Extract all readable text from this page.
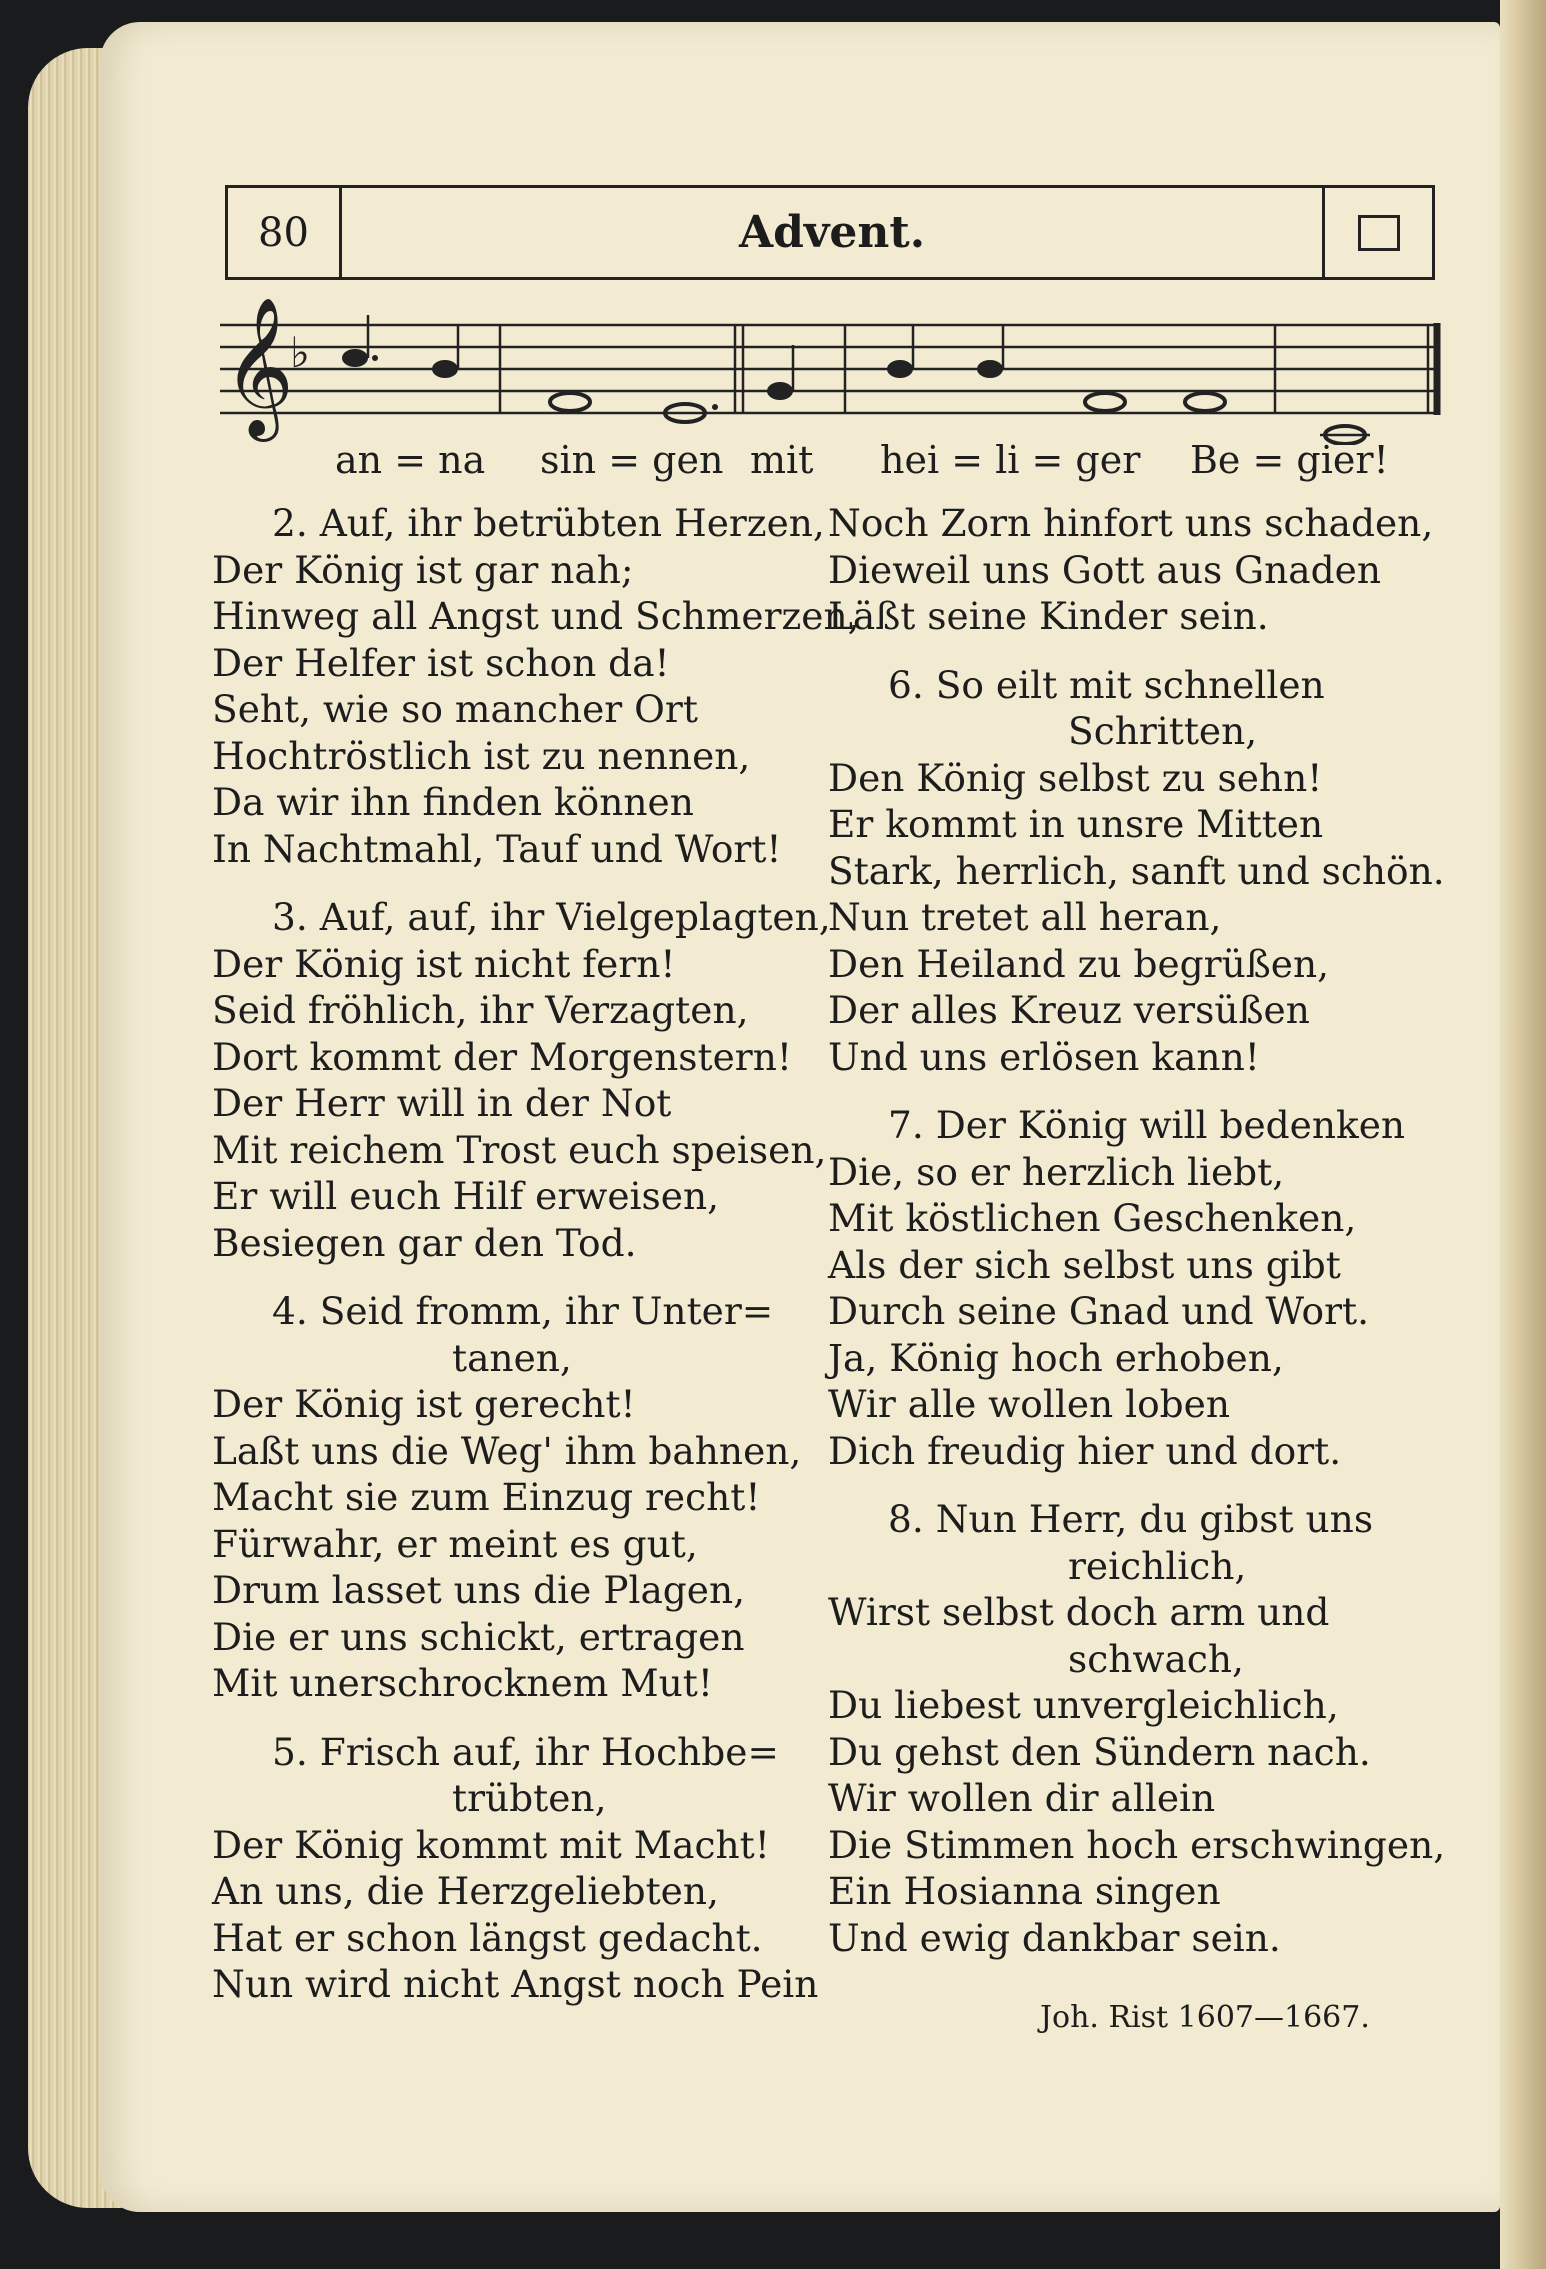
80	Advent.
𝄞
♭
an = na sin = gen mit hei = li = ger Be = gier!
2. Auf, ihr betrübten Herzen,
Der König ist gar nah;
Hinweg all Angst und Schmerzen,
Der Helfer ist schon da!
Seht, wie so mancher Ort
Hochtröstlich ist zu nennen,
Da wir ihn finden können
In Nachtmahl, Tauf und Wort!
3. Auf, auf, ihr Vielgeplagten,
Der König ist nicht fern!
Seid fröhlich, ihr Verzagten,
Dort kommt der Morgenstern!
Der Herr will in der Not
Mit reichem Trost euch speisen,
Er will euch Hilf erweisen,
Besiegen gar den Tod.
4. Seid fromm, ihr Unter=
tanen,
Der König ist gerecht!
Laßt uns die Weg' ihm bahnen,
Macht sie zum Einzug recht!
Fürwahr, er meint es gut,
Drum lasset uns die Plagen,
Die er uns schickt, ertragen
Mit unerschrocknem Mut!
5. Frisch auf, ihr Hochbe=
trübten,
Der König kommt mit Macht!
An uns, die Herzgeliebten,
Hat er schon längst gedacht.
Nun wird nicht Angst noch Pein
Noch Zorn hinfort uns schaden,
Dieweil uns Gott aus Gnaden
Läßt seine Kinder sein.
6. So eilt mit schnellen
Schritten,
Den König selbst zu sehn!
Er kommt in unsre Mitten
Stark, herrlich, sanft und schön.
Nun tretet all heran,
Den Heiland zu begrüßen,
Der alles Kreuz versüßen
Und uns erlösen kann!
7. Der König will bedenken
Die, so er herzlich liebt,
Mit köstlichen Geschenken,
Als der sich selbst uns gibt
Durch seine Gnad und Wort.
Ja, König hoch erhoben,
Wir alle wollen loben
Dich freudig hier und dort.
8. Nun Herr, du gibst uns
reichlich,
Wirst selbst doch arm und
schwach,
Du liebest unvergleichlich,
Du gehst den Sündern nach.
Wir wollen dir allein
Die Stimmen hoch erschwingen,
Ein Hosianna singen
Und ewig dankbar sein.
Joh. Rist 1607—1667.
